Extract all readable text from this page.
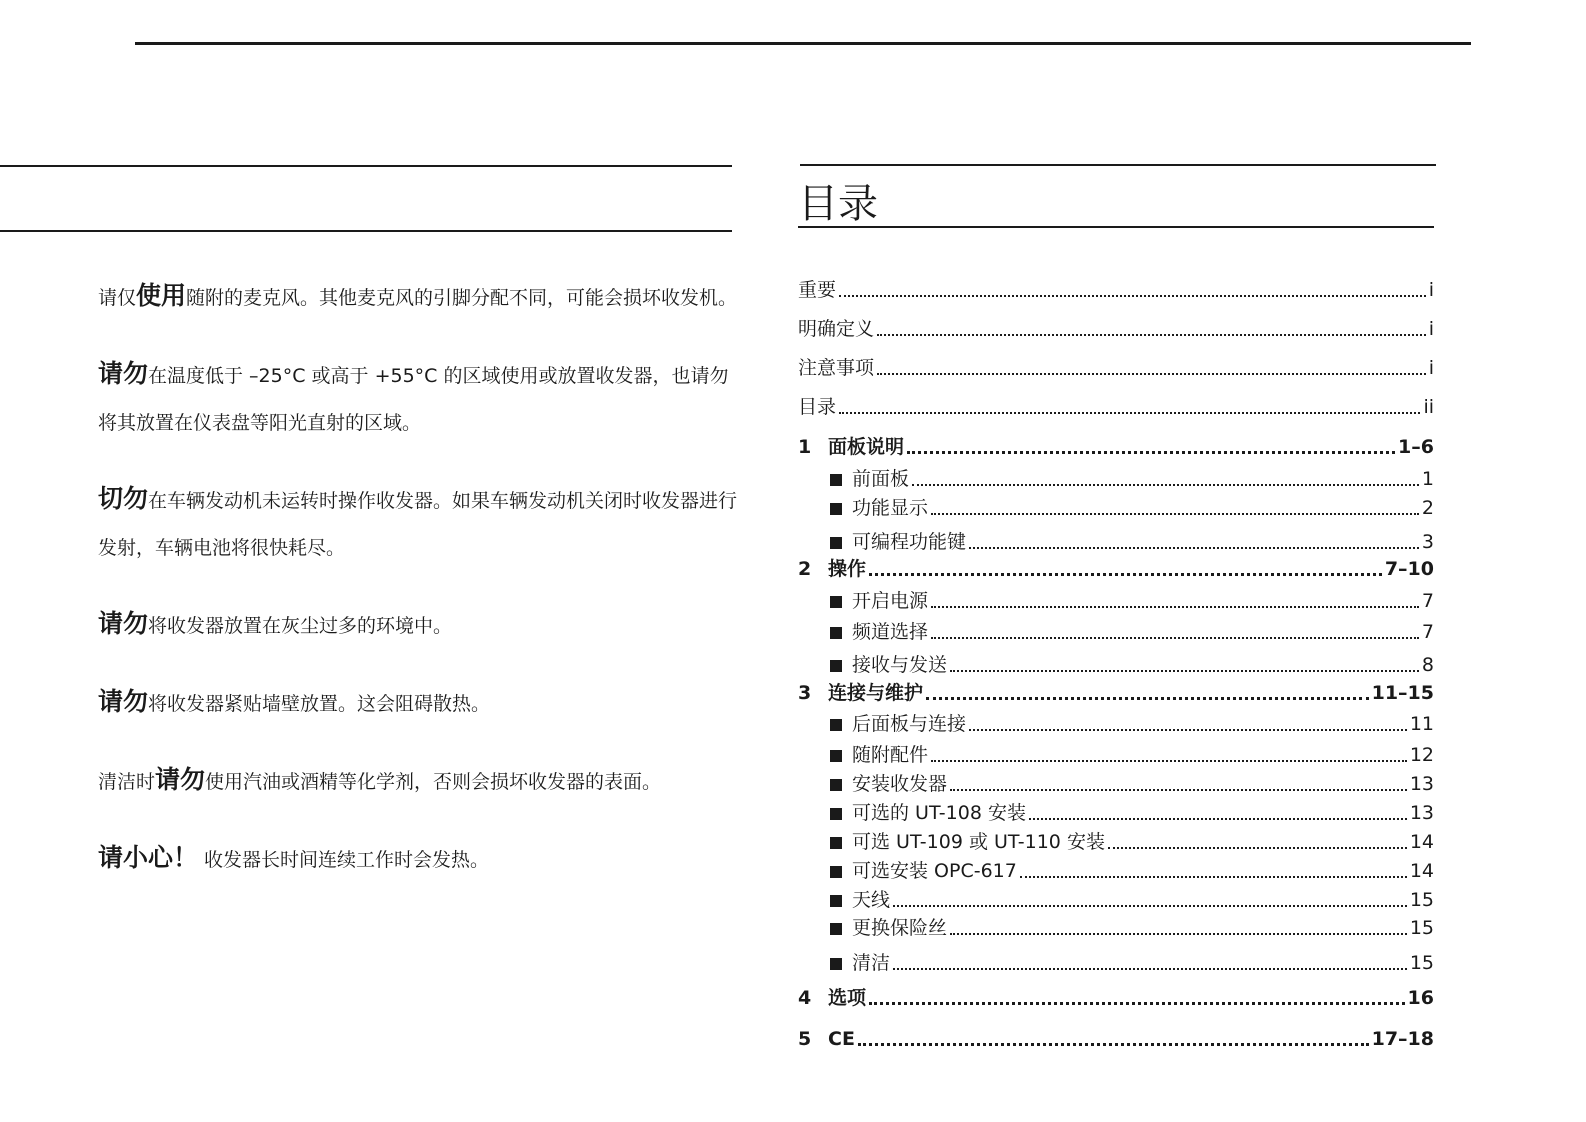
请仅使用随附的麦克风。其他麦克风的引脚分配不同，可能会损坏收发机。

请勿在温度低于 –25°C 或高于 +55°C 的区域使用或放置收发器，也请勿将其放置在仪表盘等阳光直射的区域。

切勿在车辆发动机未运转时操作收发器。如果车辆发动机关闭时收发器进行发射，车辆电池将很快耗尽。

请勿将收发器放置在灰尘过多的环境中。

请勿将收发器紧贴墙壁放置。这会阻碍散热。

清洁时请勿使用汽油或酒精等化学剂，否则会损坏收发器的表面。

请小心！ 收发器长时间连续工作时会发热。

目录
重要	i
明确定义	i
注意事项	i
目录	ii
1 面板说明	1–6
前面板	1
功能显示	2
可编程功能键	3
2 操作	7–10
开启电源	7
频道选择	7
接收与发送	8
3 连接与维护	11–15
后面板与连接	11
随附配件	12
安装收发器	13
可选的 UT-108 安装	13
可选 UT-109 或 UT-110 安装	14
可选安装 OPC-617	14
天线	15
更换保险丝	15
清洁	15
4 选项	16
5 CE	17–18
